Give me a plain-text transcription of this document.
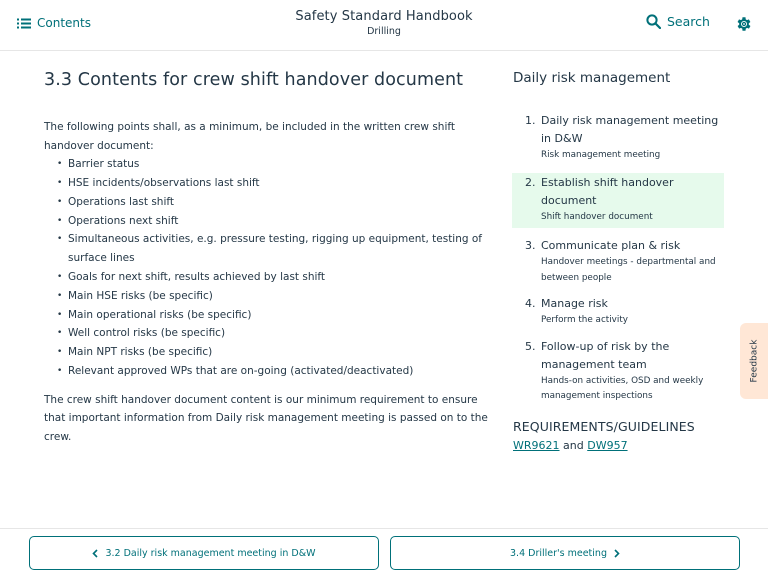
Contents	Safety Standard Handbook
Drilling
Search
3.3 Contents for crew shift handover document

The following points shall, as a minimum, be included in the written crew shift handover document:

• Barrier status
• HSE incidents/observations last shift
• Operations last shift
• Operations next shift
• Simultaneous activities, e.g. pressure testing, rigging up equipment, testing of surface lines
• Goals for next shift, results achieved by last shift
• Main HSE risks (be specific)
• Main operational risks (be specific)
• Well control risks (be specific)
• Main NPT risks (be specific)
• Relevant approved WPs that are on-going (activated/deactivated)

The crew shift handover document content is our minimum requirement to ensure that important information from Daily risk management meeting is passed on to the crew.

Daily risk management
1. Daily risk management meeting in D&W
Risk management meeting
2. Establish shift handover document
Shift handover document
3. Communicate plan & risk
Handover meetings - departmental and between people
4. Manage risk
Perform the activity
5. Follow-up of risk by the management team
Hands-on activities, OSD and weekly management inspections
REQUIREMENTS/GUIDELINES
WR9621 and DW957
Feedback
3.2 Daily risk management meeting in D&W	3.4 Driller's meeting
